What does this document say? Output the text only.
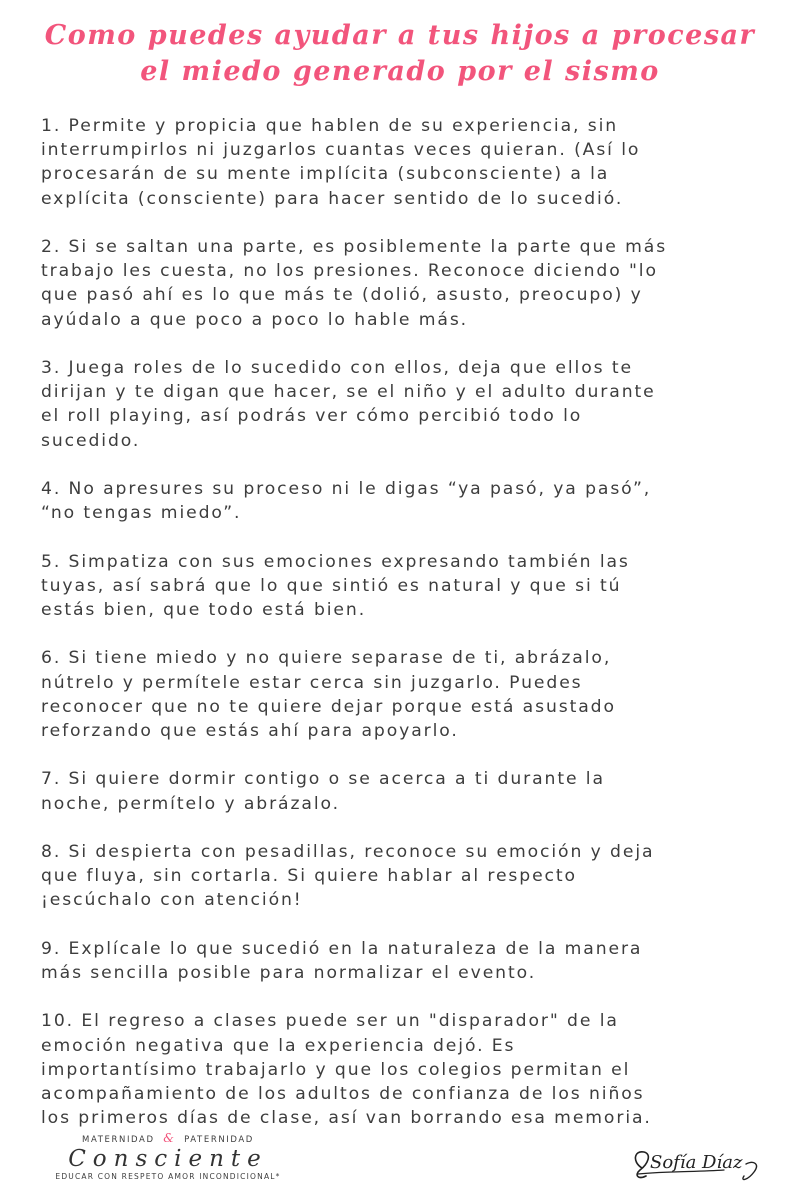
Como puedes ayudar a tus hijos a procesar
el miedo generado por el sismo
1. Permite y propicia que hablen de su experiencia, sin
interrumpirlos ni juzgarlos cuantas veces quieran. (Así lo
procesarán de su mente implícita (subconsciente) a la
explícita (consciente) para hacer sentido de lo sucedió.
2. Si se saltan una parte, es posiblemente la parte que más
trabajo les cuesta, no los presiones. Reconoce diciendo "lo
que pasó ahí es lo que más te (dolió, asusto, preocupo) y
ayúdalo a que poco a poco lo hable más.
3. Juega roles de lo sucedido con ellos, deja que ellos te
dirijan y te digan que hacer, se el niño y el adulto durante
el roll playing, así podrás ver cómo percibió todo lo
sucedido.
4. No apresures su proceso ni le digas “ya pasó, ya pasó”,
“no tengas miedo”.
5. Simpatiza con sus emociones expresando también las
tuyas, así sabrá que lo que sintió es natural y que si tú
estás bien, que todo está bien.
6. Si tiene miedo y no quiere separase de ti, abrázalo,
nútrelo y permítele estar cerca sin juzgarlo. Puedes
reconocer que no te quiere dejar porque está asustado
reforzando que estás ahí para apoyarlo.
7. Si quiere dormir contigo o se acerca a ti durante la
noche, permítelo y abrázalo.
8. Si despierta con pesadillas, reconoce su emoción y deja
que fluya, sin cortarla. Si quiere hablar al respecto
¡escúchalo con atención!
9. Explícale lo que sucedió en la naturaleza de la manera
más sencilla posible para normalizar el evento.
10. El regreso a clases puede ser un "disparador" de la
emoción negativa que la experiencia dejó. Es
importantísimo trabajarlo y que los colegios permitan el
acompañamiento de los adultos de confianza de los niños
los primeros días de clase, así van borrando esa memoria.
MATERNIDAD & PATERNIDAD
Consciente
EDUCAR CON RESPETO AMOR INCONDICIONAL*
Sofía Díaz
